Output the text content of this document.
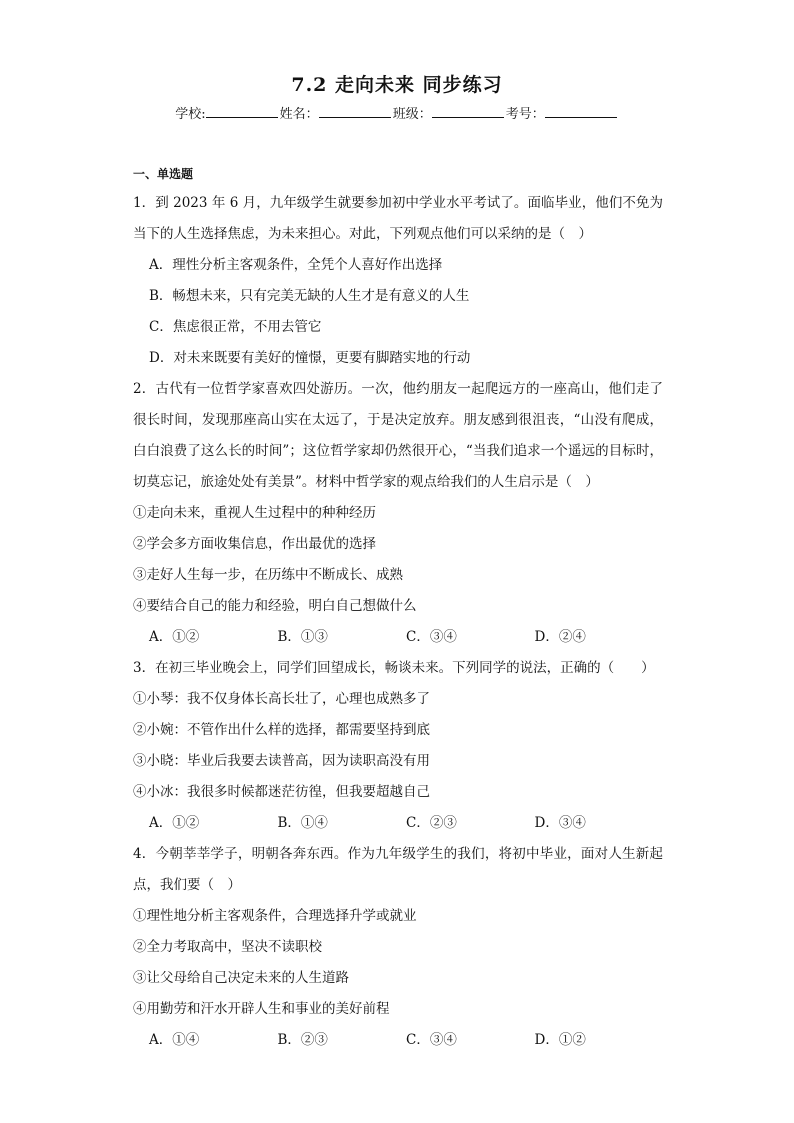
7.2 走向未来 同步练习
学校:	姓名：	班级：	考号：
一、单选题

1．到 2023 年 6 月，九年级学生就要参加初中学业水平考试了。面临毕业，他们不免为当下的人生选择焦虑，为未来担心。对此，下列观点他们可以采纳的是（　）

A．理性分析主客观条件，全凭个人喜好作出选择

B．畅想未来，只有完美无缺的人生才是有意义的人生

C．焦虑很正常，不用去管它

D．对未来既要有美好的憧憬，更要有脚踏实地的行动

2．古代有一位哲学家喜欢四处游历。一次，他约朋友一起爬远方的一座高山，他们走了很长时间，发现那座高山实在太远了，于是决定放弃。朋友感到很沮丧，“山没有爬成，白白浪费了这么长的时间”；这位哲学家却仍然很开心，“当我们追求一个遥远的目标时，切莫忘记，旅途处处有美景”。材料中哲学家的观点给我们的人生启示是（　）

①走向未来，重视人生过程中的种种经历

②学会多方面收集信息，作出最优的选择

③走好人生每一步，在历练中不断成长、成熟

④要结合自己的能力和经验，明白自己想做什么

A．①②	B．①③	C．③④	D．②④

3．在初三毕业晚会上，同学们回望成长，畅谈未来。下列同学的说法，正确的（　　）

①小琴：我不仅身体长高长壮了，心理也成熟多了

②小婉：不管作出什么样的选择，都需要坚持到底

③小晓：毕业后我要去读普高，因为读职高没有用

④小冰：我很多时候都迷茫彷徨，但我要超越自己

A．①②	B．①④	C．②③	D．③④

4．今朝莘莘学子，明朝各奔东西。作为九年级学生的我们，将初中毕业，面对人生新起点，我们要（　）

①理性地分析主客观条件，合理选择升学或就业

②全力考取高中，坚决不读职校

③让父母给自己决定未来的人生道路

④用勤劳和汗水开辟人生和事业的美好前程

A．①④	B．②③	C．③④	D．①②
